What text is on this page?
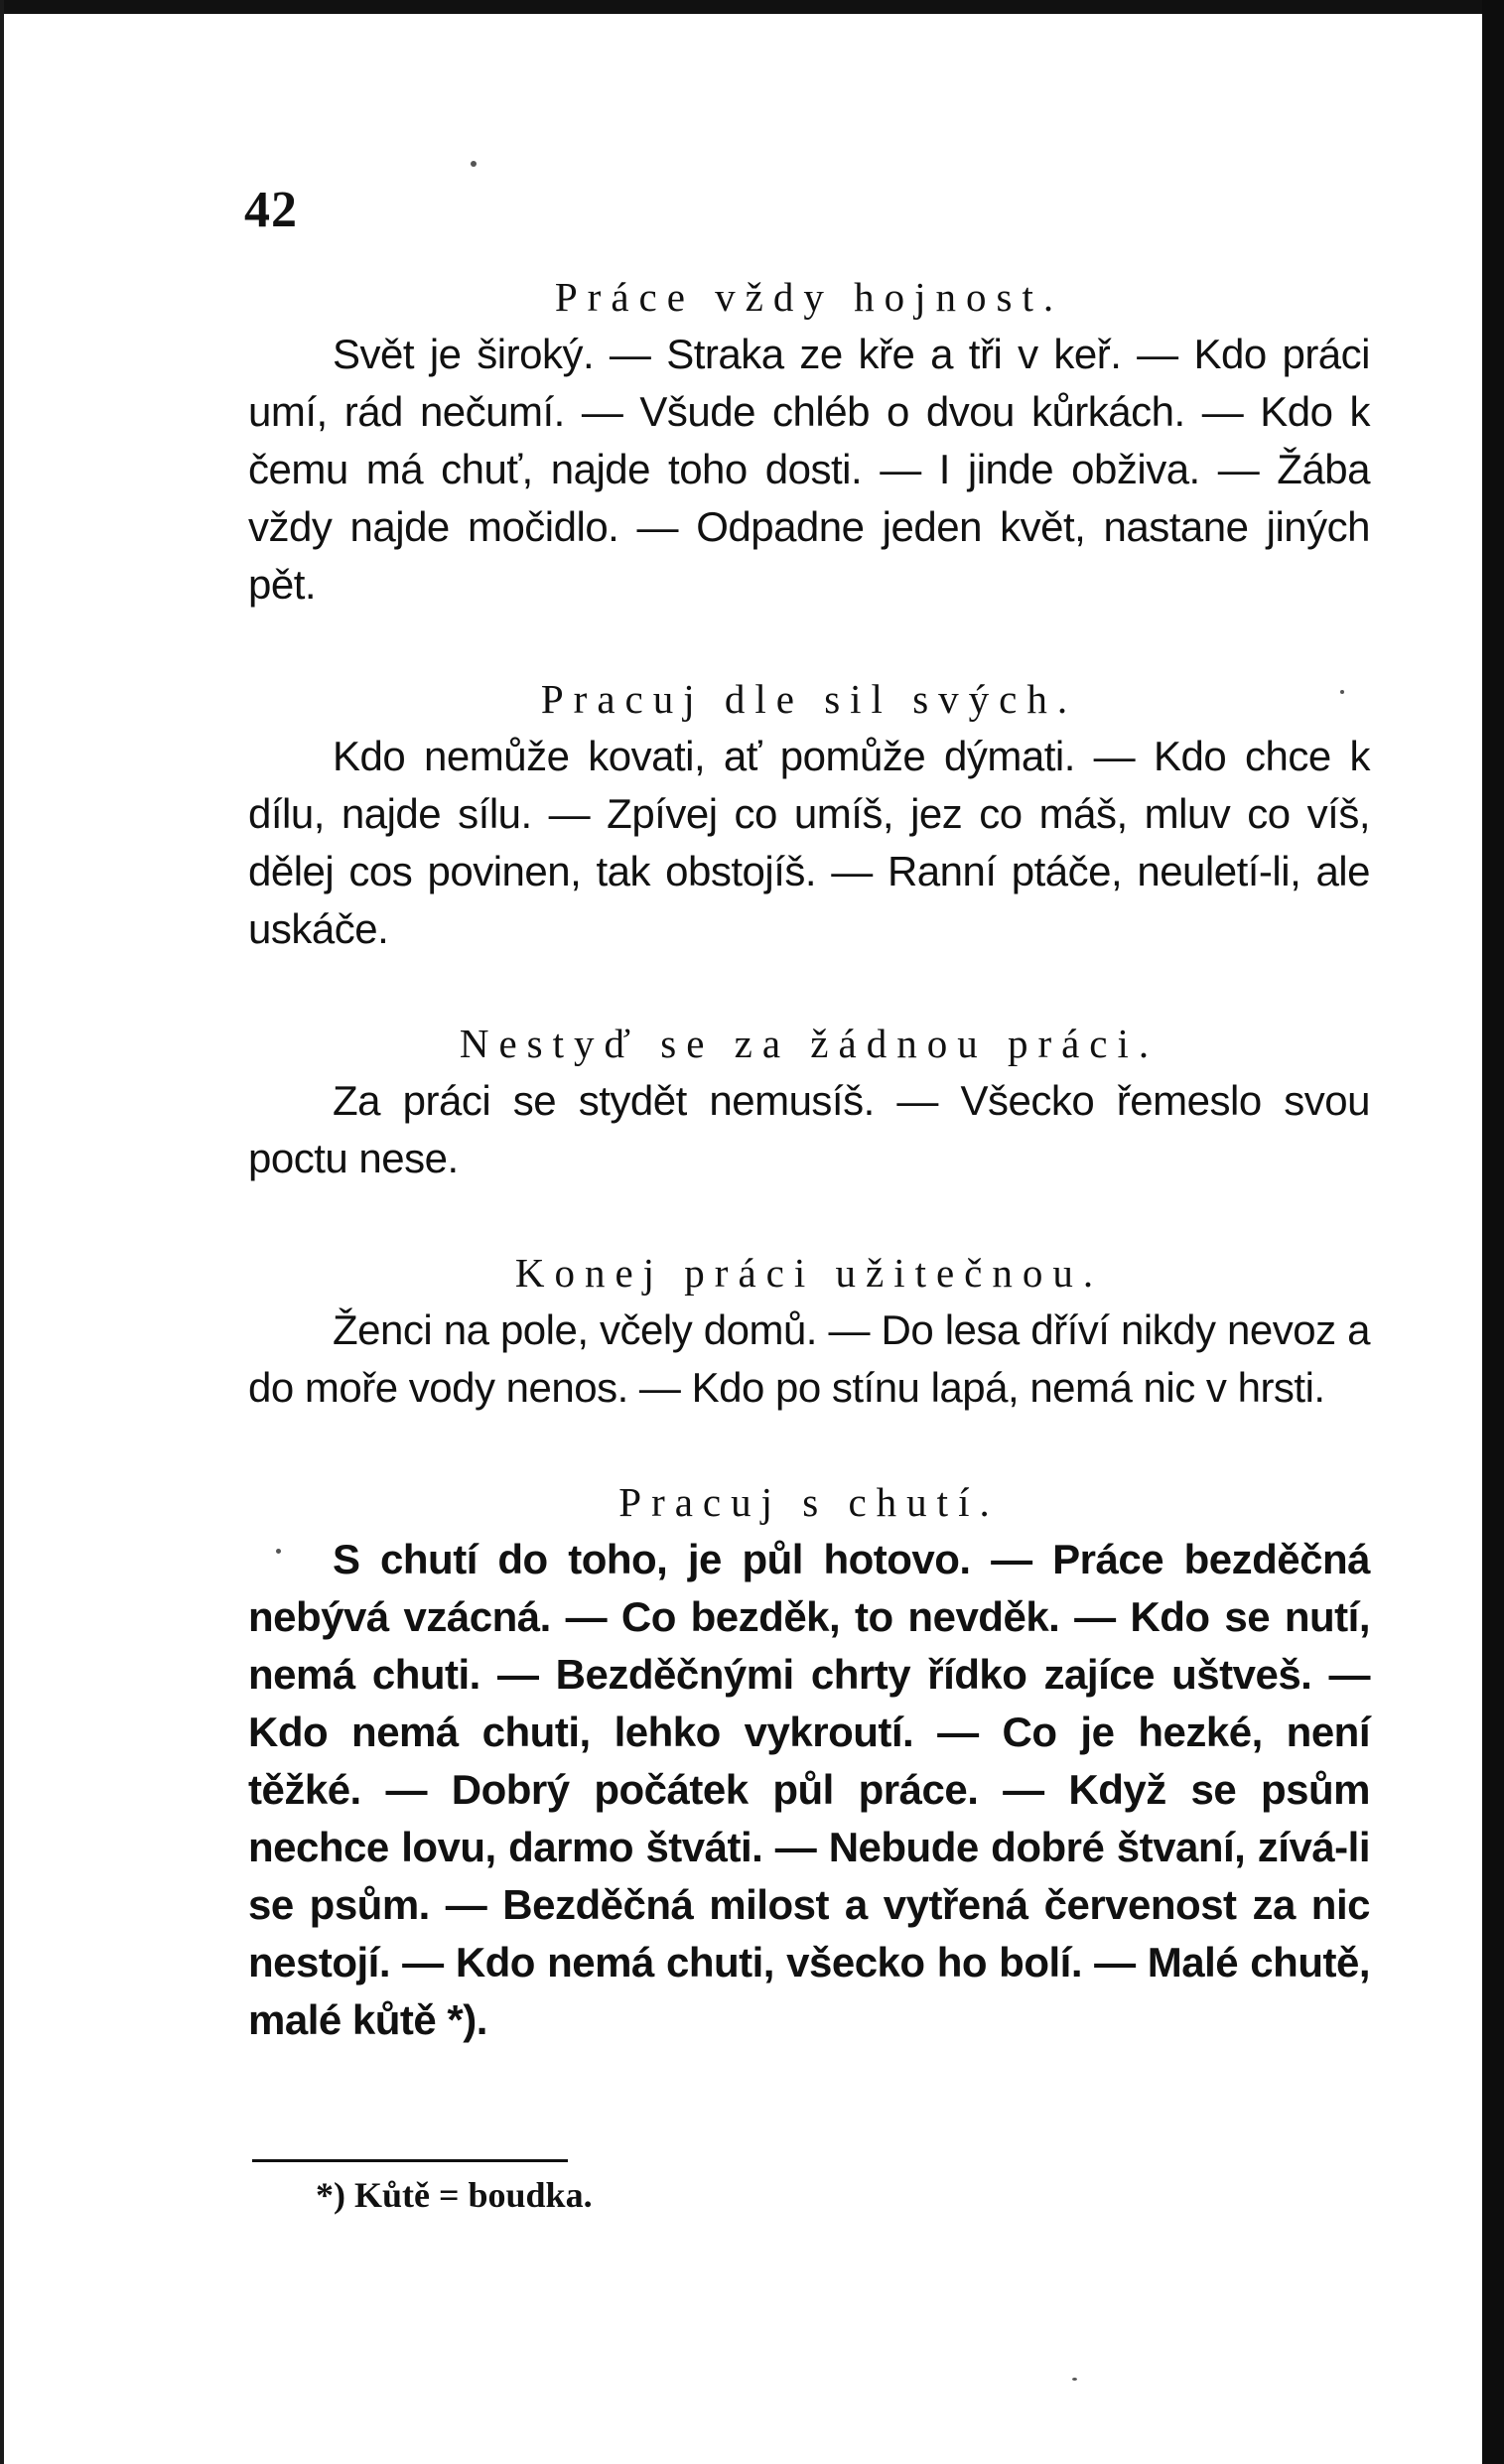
42

Práce vždy hojnost.

Svět je široký. — Straka ze kře a tři v keř. — Kdo práci umí, rád nečumí. — Všude chléb o dvou kůrkách. — Kdo k čemu má chuť, najde toho dosti. — I jinde obživa. — Žába vždy najde močidlo. — Odpadne jeden květ, nastane jiných pět.

Pracuj dle sil svých.

Kdo nemůže kovati, ať pomůže dýmati. — Kdo chce k dílu, najde sílu. — Zpívej co umíš, jez co máš, mluv co víš, dělej cos povinen, tak obstojíš. — Ranní ptáče, neuletí-li, ale uskáče.

Nestyď se za žádnou práci.

Za práci se stydět nemusíš. — Všecko řemeslo svou poctu nese.

Konej práci užitečnou.

Ženci na pole, včely domů. — Do lesa dříví nikdy nevoz a do moře vody nenos. — Kdo po stínu lapá, nemá nic v hrsti.

Pracuj s chutí.

S chutí do toho, je půl hotovo. — Práce bezděčná nebývá vzácná. — Co bezděk, to nevděk. — Kdo se nutí, nemá chuti. — Bezděčnými chrty řídko zajíce uštveš. — Kdo nemá chuti, lehko vykroutí. — Co je hezké, není těžké. — Dobrý počátek půl práce. — Když se psům nechce lovu, darmo štváti. — Nebude dobré štvaní, zívá-li se psům. — Bezděčná milost a vytřená červenost za nic nestojí. — Kdo nemá chuti, všecko ho bolí. — Malé chutě, malé kůtě *).

*) Kůtě = boudka.
